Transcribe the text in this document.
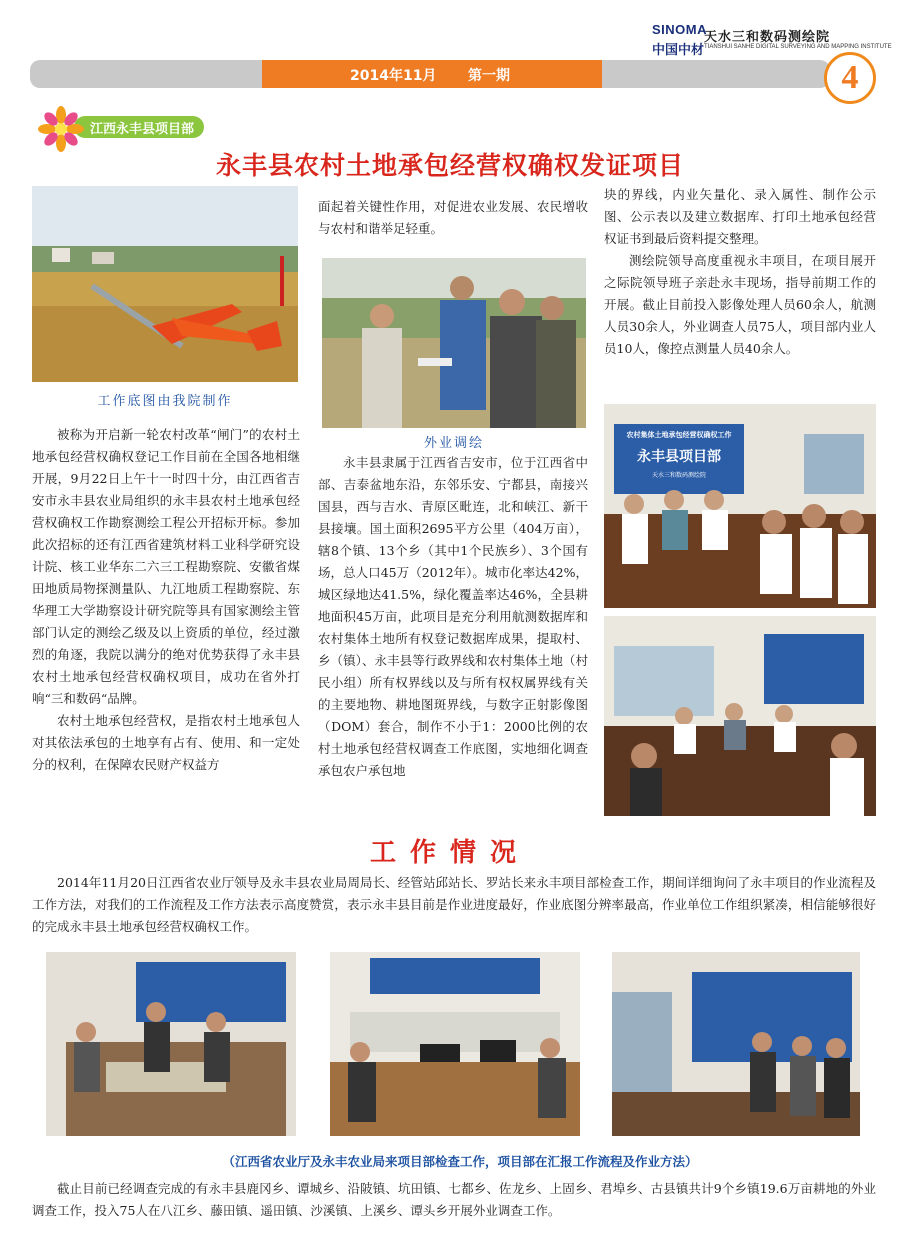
SINOMA
中国中材
天水三和数码测绘院
TIANSHUI SANHE DIGITAL SURVEYING AND MAPPING INSTITUTE
2014年11月 第一期	4
江西永丰县项目部
永丰县农村土地承包经营权确权发证项目
工作底图由我院制作

被称为开启新一轮农村改革“闸门”的农村土地承包经营权确权登记工作目前在全国各地相继开展，9月22日上午十一时四十分，由江西省吉安市永丰县农业局组织的永丰县农村土地承包经营权确权工作勘察测绘工程公开招标开标。参加此次招标的还有江西省建筑材料工业科学研究设计院、核工业华东二六三工程勘察院、安徽省煤田地质局物探测量队、九江地质工程勘察院、东华理工大学勘察设计研究院等具有国家测绘主管部门认定的测绘乙级及以上资质的单位，经过激烈的角逐，我院以满分的绝对优势获得了永丰县农村土地承包经营权确权项目，成功在省外打响“三和数码“品牌。

农村土地承包经营权，是指农村土地承包人对其依法承包的土地享有占有、使用、和一定处分的权利，在保障农民财产权益方

面起着关键性作用，对促进农业发展、农民增收与农村和谐举足轻重。

外业调绘

永丰县隶属于江西省吉安市，位于江西省中部、吉泰盆地东沿，东邻乐安、宁都县，南接兴国县，西与吉水、青原区毗连，北和峡江、新干县接壤。国土面积2695平方公里（404万亩），辖8个镇、13个乡（其中1个民族乡）、3个国有场，总人口45万（2012年）。城市化率达42%，城区绿地达41.5%，绿化覆盖率达46%，全县耕地面积45万亩，此项目是充分利用航测数据库和农村集体土地所有权登记数据库成果，提取村、乡（镇）、永丰县等行政界线和农村集体土地（村民小组）所有权界线以及与所有权权属界线有关的主要地物、耕地图斑界线，与数字正射影像图（DOM）套合，制作不小于1：2000比例的农村土地承包经营权调查工作底图，实地细化调查承包农户承包地

块的界线，内业矢量化、录入属性、制作公示图、公示表以及建立数据库、打印土地承包经营权证书到最后资料提交整理。

测绘院领导高度重视永丰项目，在项目展开之际院领导班子亲赴永丰现场，指导前期工作的开展。截止目前投入影像处理人员60余人，航测人员30余人，外业调查人员75人，项目部内业人员10人，像控点测量人员40余人。

农村集体土地承包经营权确权工作
永丰县项目部
天水三和数码测绘院
工作情况

2014年11月20日江西省农业厅领导及永丰县农业局周局长、经管站邱站长、罗站长来永丰项目部检查工作，期间详细询问了永丰项目的作业流程及工作方法，对我们的工作流程及工作方法表示高度赞赏，表示永丰县目前是作业进度最好，作业底图分辨率最高，作业单位工作组织紧凑，相信能够很好的完成永丰县土地承包经营权确权工作。

（江西省农业厅及永丰农业局来项目部检查工作，项目部在汇报工作流程及作业方法）

截止目前已经调查完成的有永丰县鹿冈乡、谭城乡、沿陂镇、坑田镇、七都乡、佐龙乡、上固乡、君埠乡、古县镇共计9个乡镇19.6万亩耕地的外业调查工作，投入75人在八江乡、藤田镇、遥田镇、沙溪镇、上溪乡、谭头乡开展外业调查工作。
